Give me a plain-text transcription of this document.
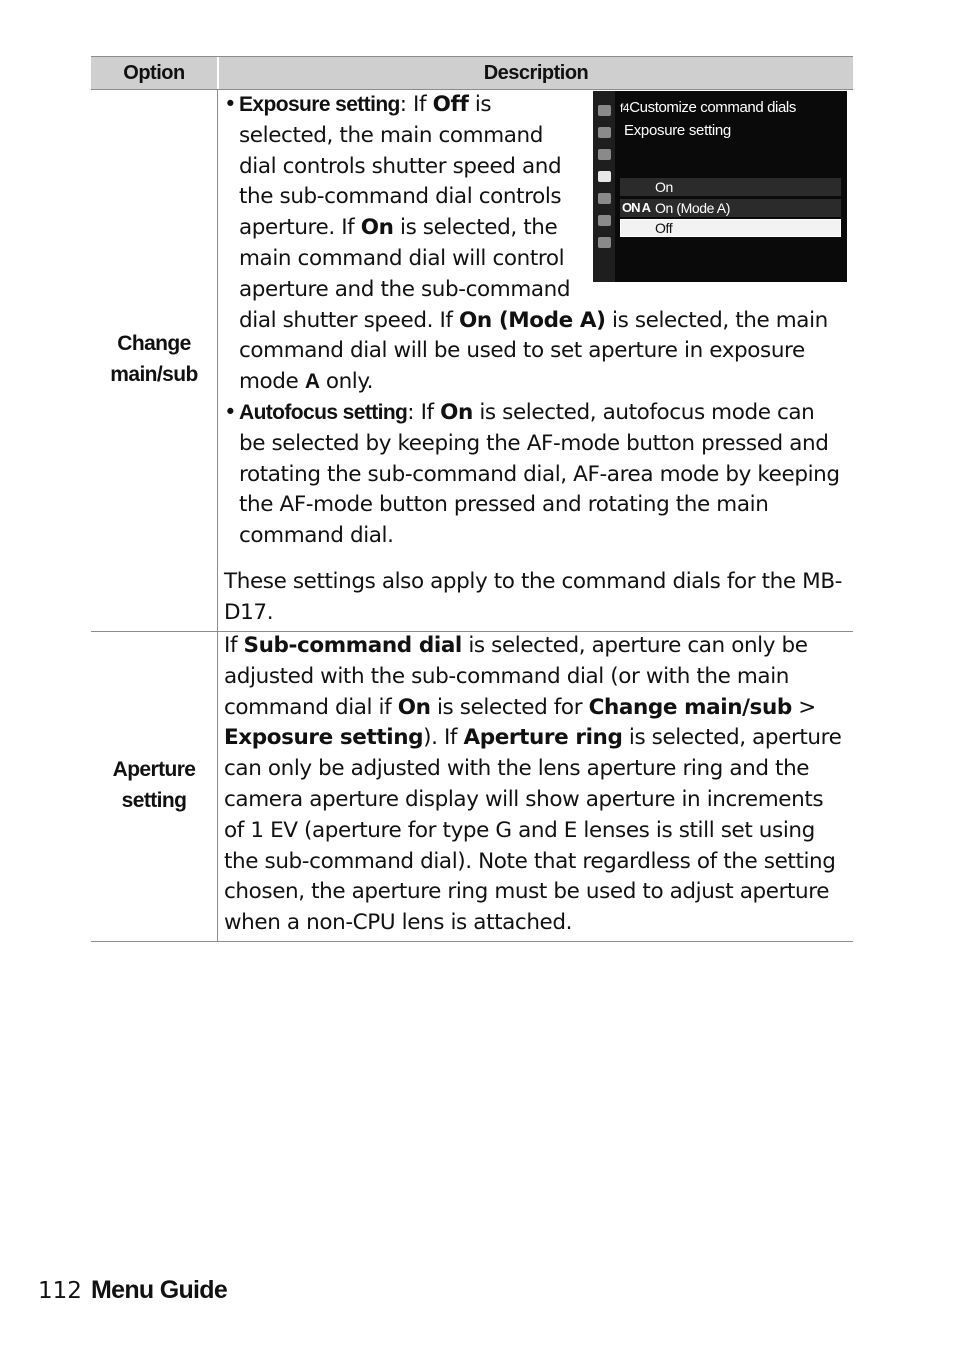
Option	Description
Change
main/sub
•	f4Customize command dials
Exposure setting
On
ON A On (Mode A)
Off
Exposure setting: If Off is selected, the main command dial controls shutter speed and the sub-command dial controls aperture. If On is selected, the main command dial will control aperture and the sub-command dial shutter speed. If On (Mode A) is selected, the main command dial will be used to set aperture in exposure mode A only.
• Autofocus setting: If On is selected, autofocus mode can be selected by keeping the AF-mode button pressed and rotating the sub-command dial, AF-area mode by keeping the AF-mode button pressed and rotating the main command dial.
These settings also apply to the command dials for the MB-D17.
Aperture
setting
If Sub-command dial is selected, aperture can only be adjusted with the sub-command dial (or with the main command dial if On is selected for Change main/sub > Exposure setting). If Aperture ring is selected, aperture can only be adjusted with the lens aperture ring and the camera aperture display will show aperture in increments of 1 EV (aperture for type G and E lenses is still set using the sub-command dial). Note that regardless of the setting chosen, the aperture ring must be used to adjust aperture when a non-CPU lens is attached.
112 Menu Guide
